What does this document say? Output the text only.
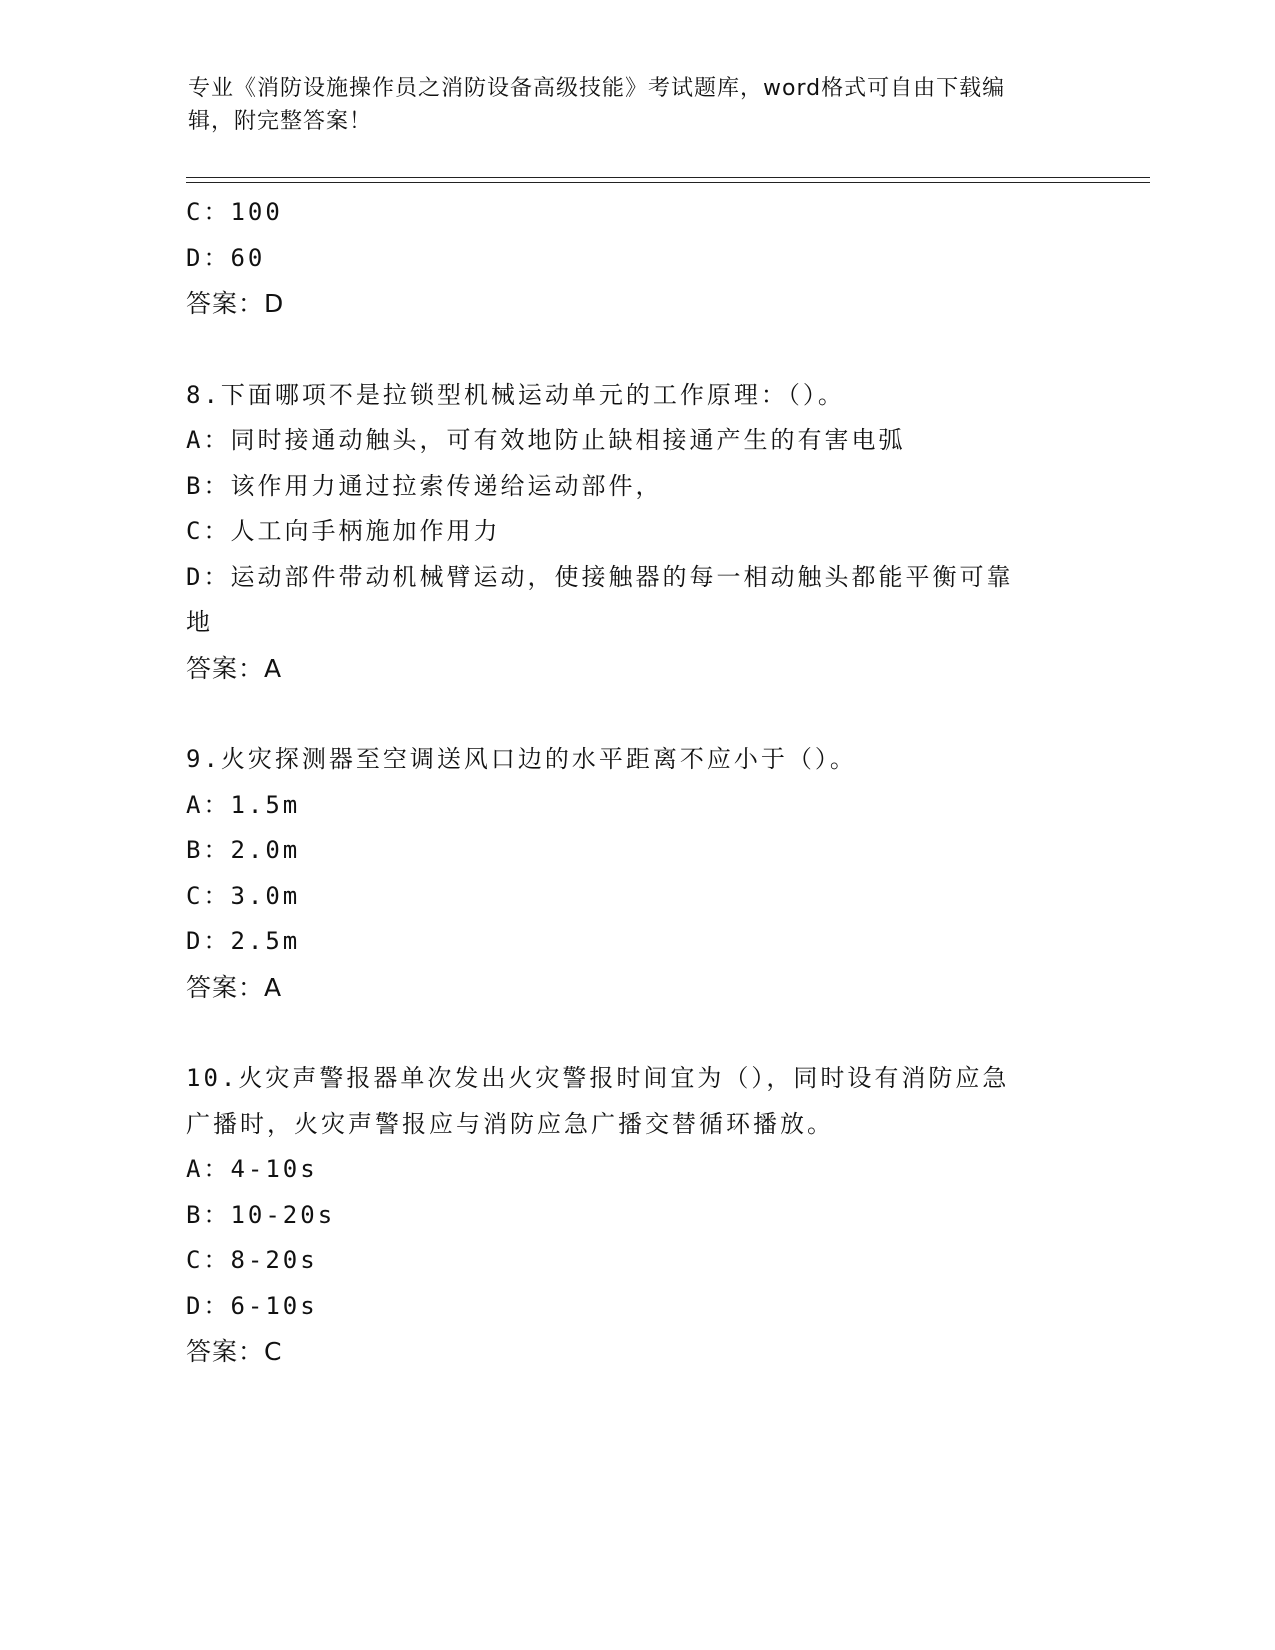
专业《消防设施操作员之消防设备高级技能》考试题库，word格式可自由下载编
辑，附完整答案！
C：100
D：60
答案：D
8.下面哪项不是拉锁型机械运动单元的工作原理：（）。
A：同时接通动触头，可有效地防止缺相接通产生的有害电弧
B：该作用力通过拉索传递给运动部件，
C：人工向手柄施加作用力
D：运动部件带动机械臂运动，使接触器的每一相动触头都能平衡可靠
地
答案：A
9.火灾探测器至空调送风口边的水平距离不应小于（）。
A：1.5m
B：2.0m
C：3.0m
D：2.5m
答案：A
10.火灾声警报器单次发出火灾警报时间宜为（），同时设有消防应急
广播时，火灾声警报应与消防应急广播交替循环播放。
A：4-10s
B：10-20s
C：8-20s
D：6-10s
答案：C
